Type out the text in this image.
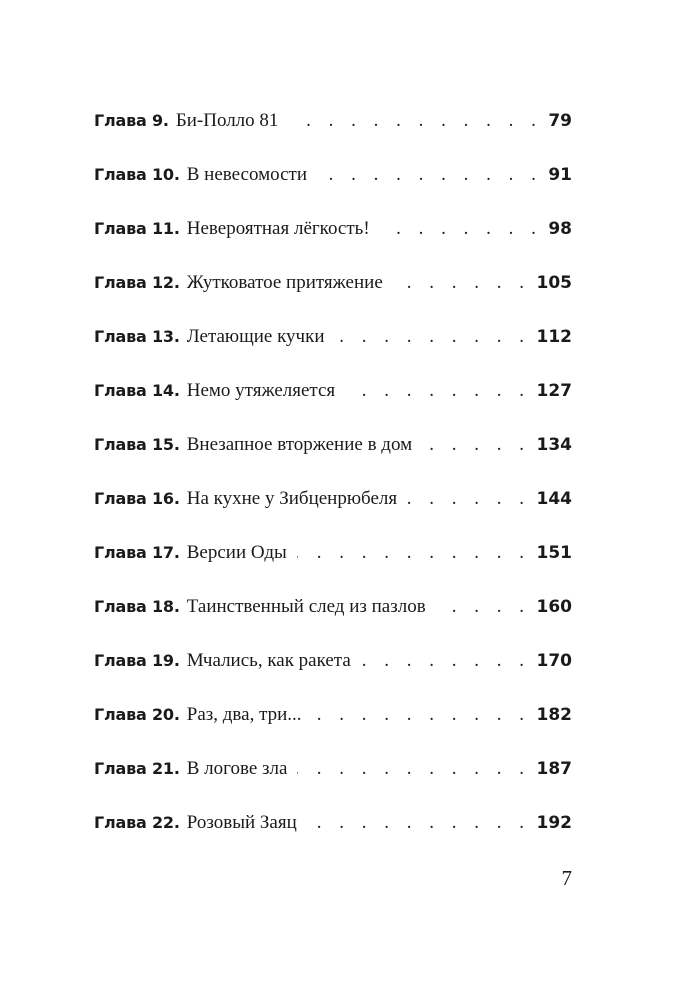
Глава 9. Би-Полло 81 . . .	79
Глава 10. В невесомости . . .	91
Глава 11. Невероятная лёгкость! . . .	98
Глава 12. Жутковатое притяжение . . .	105
Глава 13. Летающие кучки . . .	112
Глава 14. Немо утяжеляется . . .	127
Глава 15. Внезапное вторжение в дом . . .	134
Глава 16. На кухне у Зибценрюбеля . . .	144
Глава 17. Версии Оды . . .	151
Глава 18. Таинственный след из пазлов . . .	160
Глава 19. Мчались, как ракета . . .	170
Глава 20. Раз, два, три... . . .	182
Глава 21. В логове зла . . .	187
Глава 22. Розовый Заяц . . .	192
7
